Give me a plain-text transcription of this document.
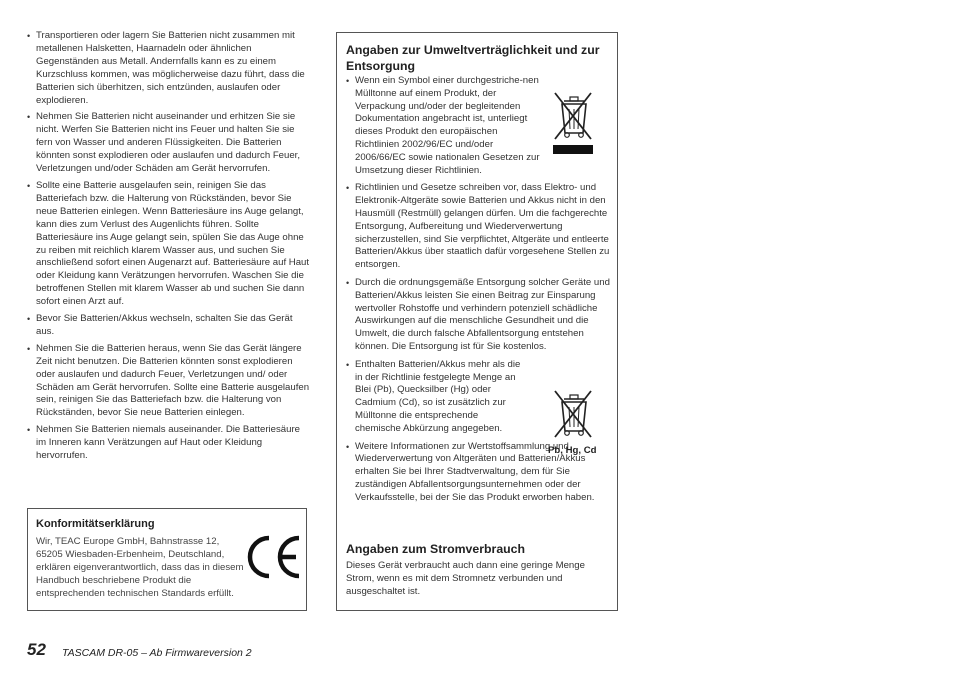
• Transportieren oder lagern Sie Batterien nicht zusammen mit metallenen Halsketten, Haarnadeln oder ähnlichen Gegenständen aus Metall. Andernfalls kann es zu einem Kurzschluss kommen, was möglicherweise dazu führt, dass die Batterien sich überhitzen, sich entzünden, auslaufen oder explodieren.
• Nehmen Sie Batterien nicht auseinander und erhitzen Sie sie nicht. Werfen Sie Batterien nicht ins Feuer und halten Sie sie fern von Wasser und anderen Flüssigkeiten. Die Batterien könnten sonst explodieren oder auslaufen und dadurch Feuer, Verletzungen und/oder Schäden am Gerät hervorrufen.
• Sollte eine Batterie ausgelaufen sein, reinigen Sie das Batteriefach bzw. die Halterung von Rückständen, bevor Sie neue Batterien einlegen. Wenn Batteriesäure ins Auge gelangt, kann dies zum Verlust des Augenlichts führen. Sollte Batteriesäure ins Auge gelangt sein, spülen Sie das Auge ohne zu reiben mit reichlich klarem Wasser aus, und suchen Sie anschließend sofort einen Augenarzt auf. Batteriesäure auf Haut oder Kleidung kann Verätzungen hervorrufen. Waschen Sie die betroffenen Stellen mit klarem Wasser ab und suchen Sie dann sofort einen Arzt auf.
• Bevor Sie Batterien/Akkus wechseln, schalten Sie das Gerät aus.
• Nehmen Sie die Batterien heraus, wenn Sie das Gerät längere Zeit nicht benutzen. Die Batterien könnten sonst explodieren oder auslaufen und dadurch Feuer, Verletzungen und/ oder Schäden am Gerät hervorrufen. Sollte eine Batterie ausgelaufen sein, reinigen Sie das Batteriefach bzw. die Halterung von Rückständen, bevor Sie neue Batterien einlegen.
• Nehmen Sie Batterien niemals auseinander. Die Batteriesäure im Inneren kann Verätzungen auf Haut oder Kleidung hervorrufen.
Konformitätserklärung

Wir, TEAC Europe GmbH, Bahnstrasse 12, 65205 Wiesbaden-Erbenheim, Deutschland, erklären eigenverantwortlich, dass das in diesem Handbuch beschriebene Produkt die entsprechenden technischen Standards erfüllt.

Angaben zur Umweltverträglichkeit und zur Entsorgung
• Wenn ein Symbol einer durchgestriche-nen Mülltonne auf einem Produkt, der Verpackung und/oder der begleitenden Dokumentation angebracht ist, unterliegt dieses Produkt den europäischen Richtlinien 2002/96/EC und/oder 2006/66/EC sowie nationalen Gesetzen zur Umsetzung dieser Richtlinien.
• Richtlinien und Gesetze schreiben vor, dass Elektro- und Elektronik-Altgeräte sowie Batterien und Akkus nicht in den Hausmüll (Restmüll) gelangen dürfen. Um die fachgerechte Entsorgung, Aufbereitung und Wiederverwertung sicherzustellen, sind Sie verpflichtet, Altgeräte und entleerte Batterien/Akkus über staatlich dafür vorgesehene Stellen zu entsorgen.
• Durch die ordnungsgemäße Entsorgung solcher Geräte und Batterien/Akkus leisten Sie einen Beitrag zur Einsparung wertvoller Rohstoffe und verhindern potenziell schädliche Auswirkungen auf die menschliche Gesundheit und die Umwelt, die durch falsche Abfallentsorgung entstehen können. Die Entsorgung ist für Sie kostenlos.
• Enthalten Batterien/Akkus mehr als die in der Richtlinie festgelegte Menge an Blei (Pb), Quecksilber (Hg) oder Cadmium (Cd), so ist zusätzlich zur Mülltonne die entsprechende chemische Abkürzung angegeben.
• Weitere Informationen zur Wertstoffsammlung und Wiederverwertung von Altgeräten und Batterien/Akkus erhalten Sie bei Ihrer Stadtverwaltung, dem für Sie zuständigen Abfallentsorgungsunternehmen oder der Verkaufsstelle, bei der Sie das Produkt erworben haben.
Pb, Hg, Cd
Angaben zum Stromverbrauch

Dieses Gerät verbraucht auch dann eine geringe Menge Strom, wenn es mit dem Stromnetz verbunden und ausgeschaltet ist.

52 TASCAM DR-05 – Ab Firmwareversion 2
